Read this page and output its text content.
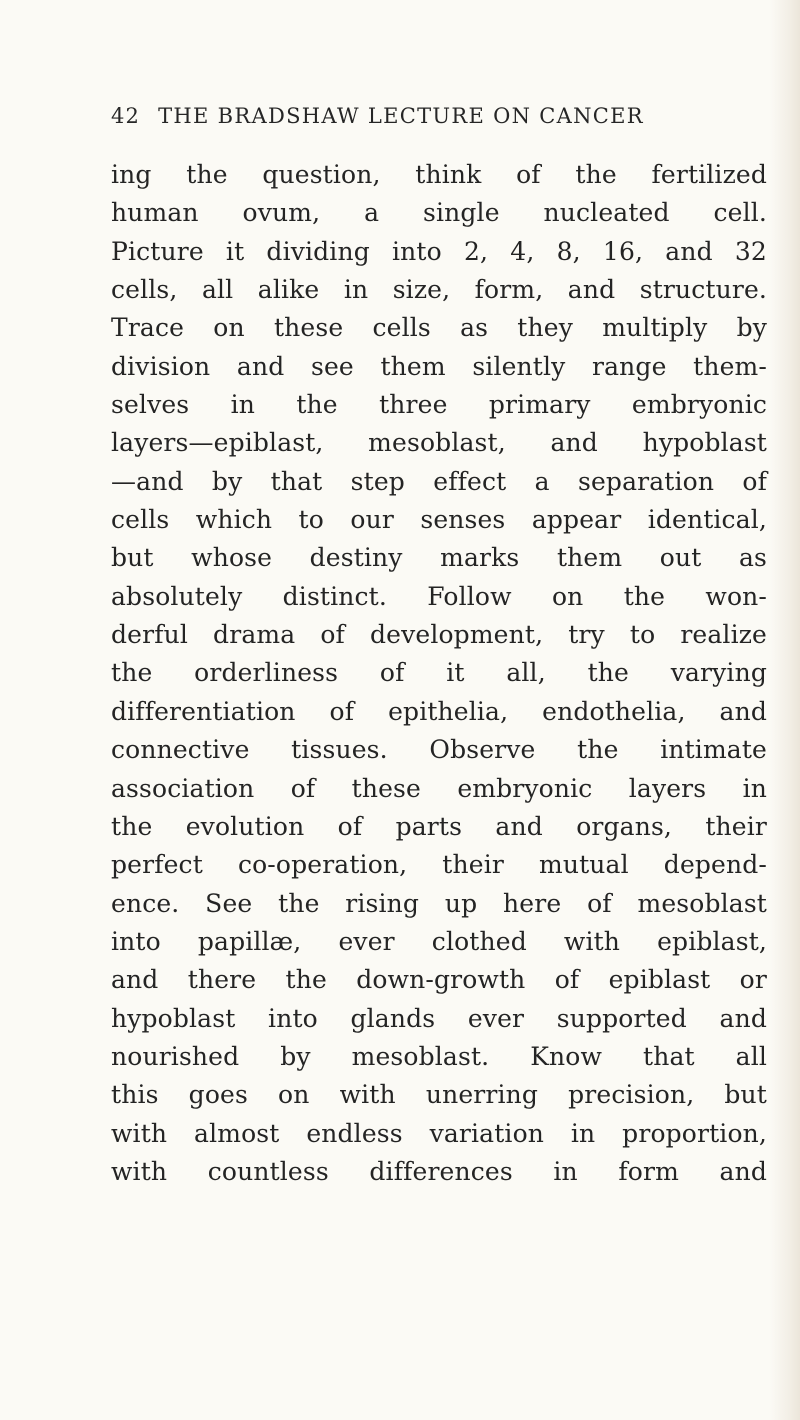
42 THE BRADSHAW LECTURE ON CANCER
ing the question, think of the fertilized
human ovum, a single nucleated cell.
Picture it dividing into 2, 4, 8, 16, and 32
cells, all alike in size, form, and structure.
Trace on these cells as they multiply by
division and see them silently range them-
selves in the three primary embryonic
layers—epiblast, mesoblast, and hypoblast
—and by that step effect a separation of
cells which to our senses appear identical,
but whose destiny marks them out as
absolutely distinct. Follow on the won-
derful drama of development, try to realize
the orderliness of it all, the varying
differentiation of epithelia, endothelia, and
connective tissues. Observe the intimate
association of these embryonic layers in
the evolution of parts and organs, their
perfect co-operation, their mutual depend-
ence. See the rising up here of mesoblast
into papillæ, ever clothed with epiblast,
and there the down-growth of epiblast or
hypoblast into glands ever supported and
nourished by mesoblast. Know that all
this goes on with unerring precision, but
with almost endless variation in proportion,
with countless differences in form and
